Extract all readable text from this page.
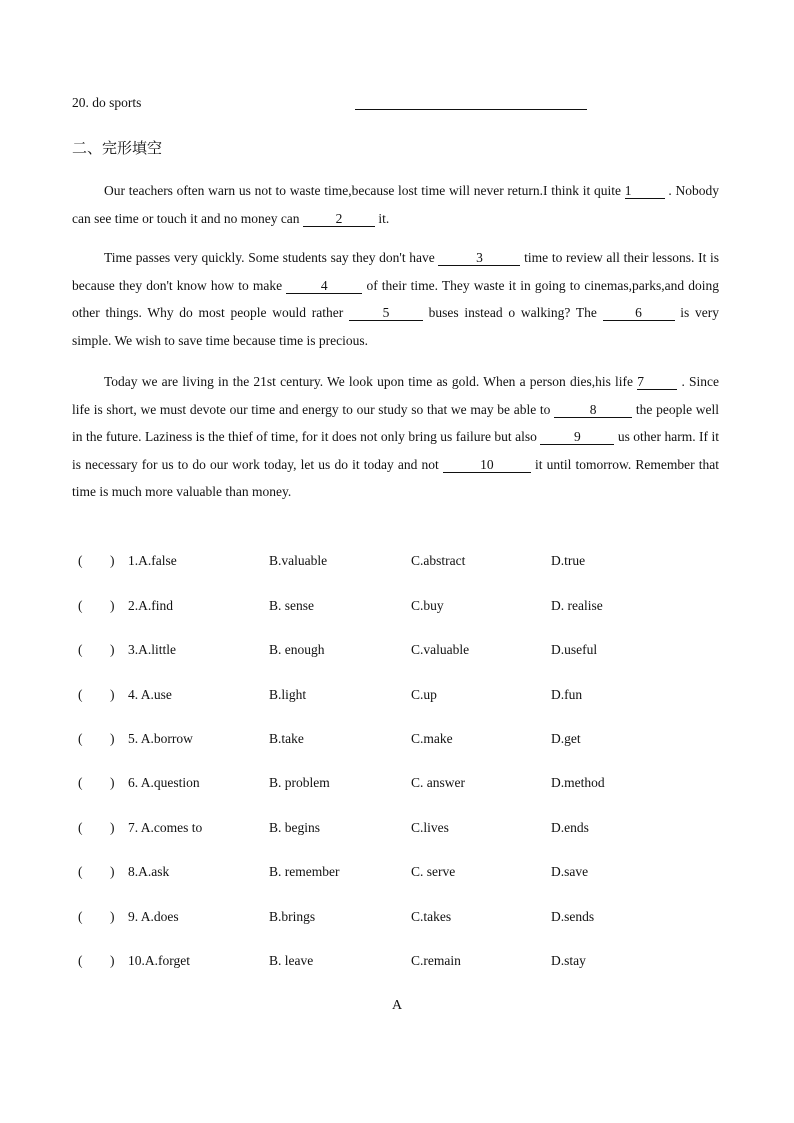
20. do sports
二、完形填空

Our teachers often warn us not to waste time,because lost time will never return.I think it quite 1	. Nobody can see time or touch it and no money can	2	it.

Time passes very quickly. Some students say they don't have	3	time to review all their lessons. It is because they don't know how to make	4	of their time. They waste it in going to cinemas,parks,and doing other things. Why do most people would rather	5	buses instead o walking? The	6	is very simple. We wish to save time because time is precious.

Today we are living in the 21st century. We look upon time as gold. When a person dies,his life 7	. Since life is short, we must devote our time and energy to our study so that we may be able to	8	the people well in the future. Laziness is the thief of time, for it does not only bring us failure but also	9	us other harm. If it is necessary for us to do our work today, let us do it today and not	10	it until tomorrow. Remember that time is much more valuable than money.

( ) 1.A.false	B.valuable	C.abstract	D.true
( ) 2.A.find	B. sense	C.buy	D. realise
( ) 3.A.little	B. enough	C.valuable	D.useful
( ) 4. A.use	B.light	C.up	D.fun
( ) 5. A.borrow	B.take	C.make	D.get
( ) 6. A.question	B. problem	C. answer	D.method
( ) 7. A.comes to	B. begins	C.lives	D.ends
( ) 8.A.ask	B. remember	C. serve	D.save
( ) 9. A.does	B.brings	C.takes	D.sends
( ) 10.A.forget	B. leave	C.remain	D.stay
A
